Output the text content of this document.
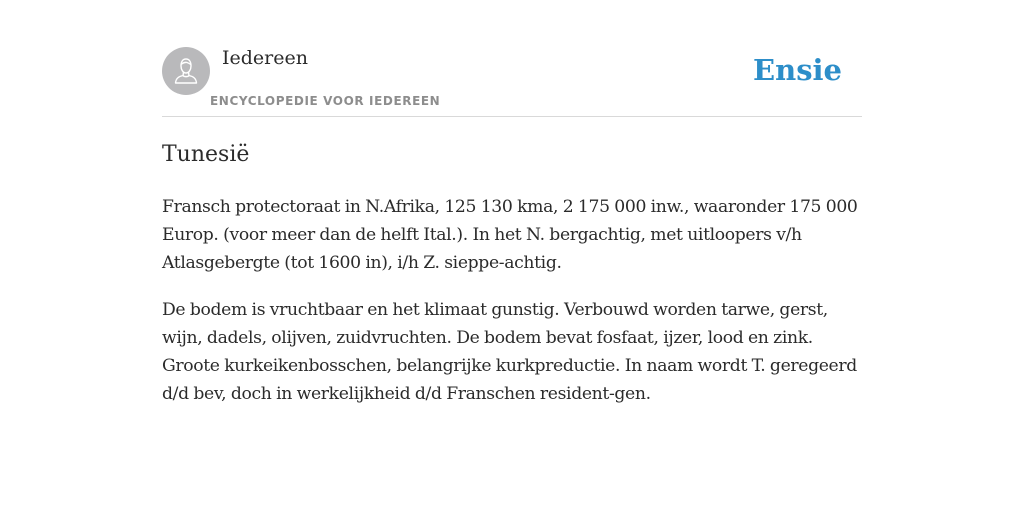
Iedereen
ENCYCLOPEDIE VOOR IEDEREEN
Ensie
Tunesië

Fransch protectoraat in N.Afrika, 125 130 kma, 2 175 000 inw., waaronder 175 000 Europ. (voor meer dan de helft Ital.). In het N. bergachtig, met uitloopers v/h Atlasgebergte (tot 1600 in), i/h Z. sieppe-achtig.

De bodem is vruchtbaar en het klimaat gunstig. Verbouwd worden tarwe, gerst, wijn, dadels, olijven, zuidvruchten. De bodem bevat fosfaat, ijzer, lood en zink. Groote kurkeikenbosschen, belangrijke kurkpreductie. In naam wordt T. geregeerd d/d bev, doch in werkelijkheid d/d Franschen resident-gen.
